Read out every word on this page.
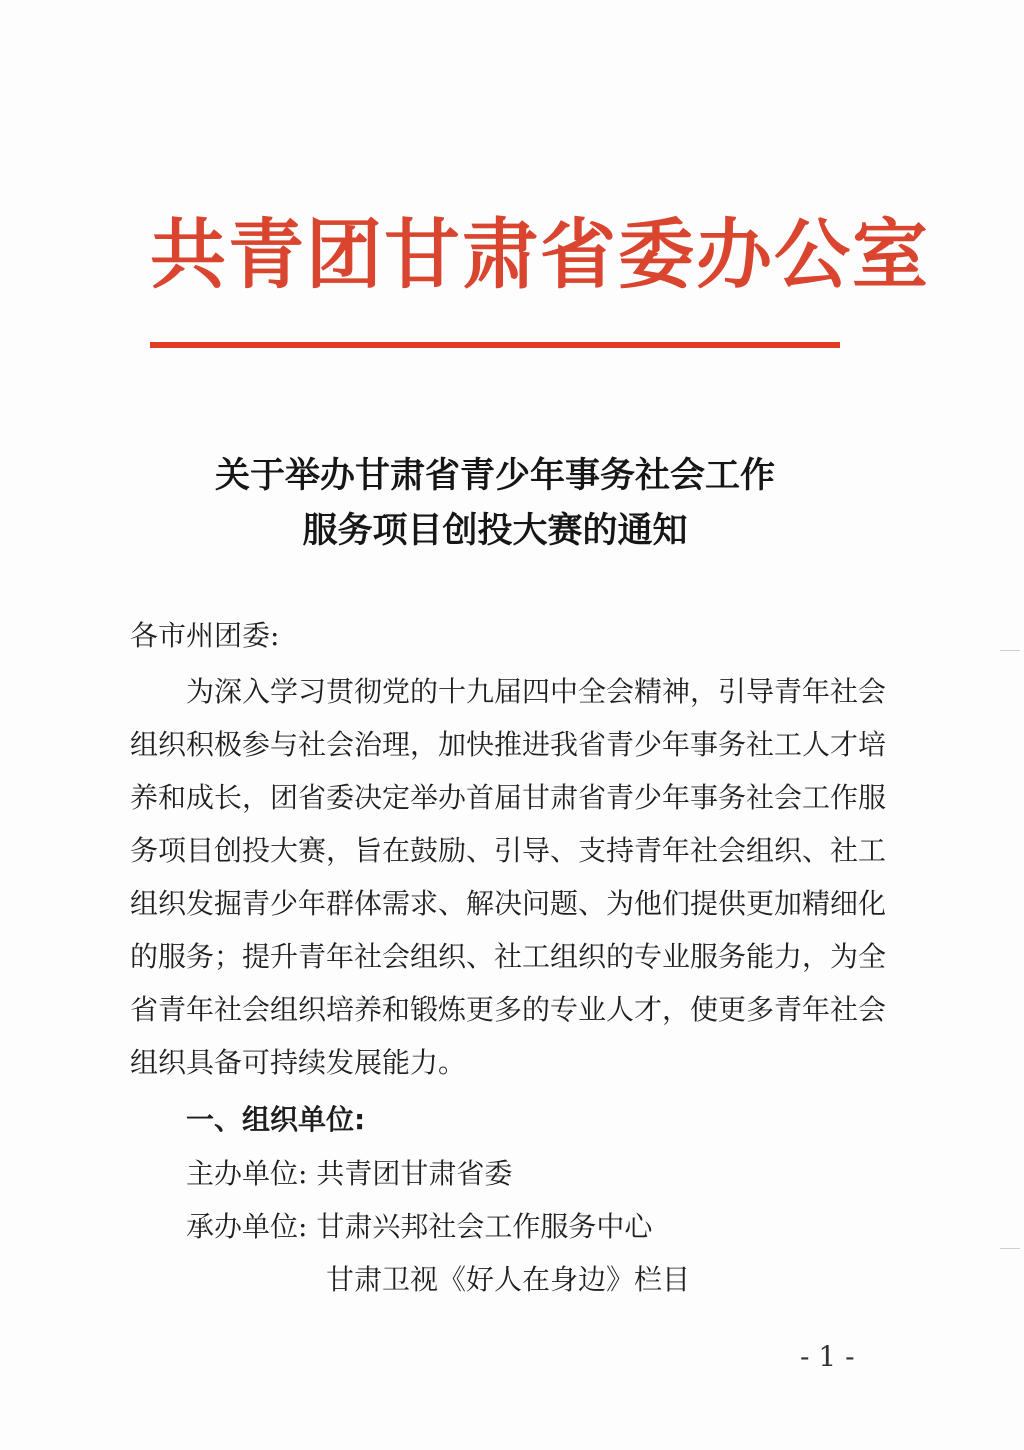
共青团甘肃省委办公室
关于举办甘肃省青少年事务社会工作
服务项目创投大赛的通知
各市州团委:
为深入学习贯彻党的十九届四中全会精神，引导青年社会
组织积极参与社会治理，加快推进我省青少年事务社工人才培
养和成长，团省委决定举办首届甘肃省青少年事务社会工作服
务项目创投大赛，旨在鼓励、引导、支持青年社会组织、社工
组织发掘青少年群体需求、解决问题、为他们提供更加精细化
的服务；提升青年社会组织、社工组织的专业服务能力，为全
省青年社会组织培养和锻炼更多的专业人才，使更多青年社会
组织具备可持续发展能力。
一、组织单位:
主办单位: 共青团甘肃省委
承办单位: 甘肃兴邦社会工作服务中心
甘肃卫视《好人在身边》栏目
- 1 -
